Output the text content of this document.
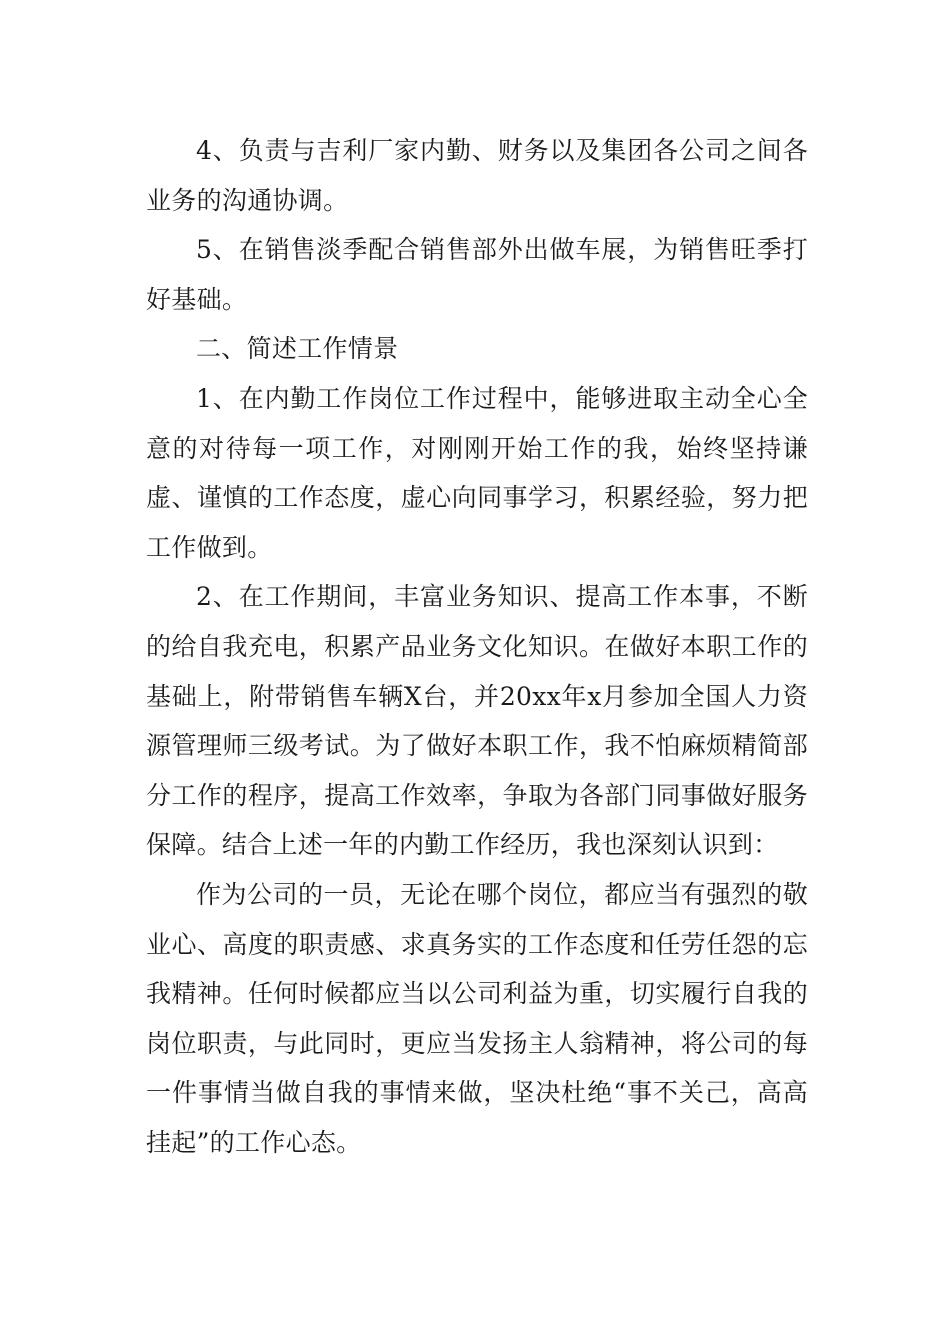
4、负责与吉利厂家内勤、财务以及集团各公司之间各业务的沟通协调。

5、在销售淡季配合销售部外出做车展，为销售旺季打好基础。

二、简述工作情景

1、在内勤工作岗位工作过程中，能够进取主动全心全意的对待每一项工作，对刚刚开始工作的我，始终坚持谦虚、谨慎的工作态度，虚心向同事学习，积累经验，努力把工作做到。

2、在工作期间，丰富业务知识、提高工作本事，不断的给自我充电，积累产品业务文化知识。在做好本职工作的基础上，附带销售车辆X台，并20xx年x月参加全国人力资源管理师三级考试。为了做好本职工作，我不怕麻烦精简部分工作的程序，提高工作效率，争取为各部门同事做好服务保障。结合上述一年的内勤工作经历，我也深刻认识到：

作为公司的一员，无论在哪个岗位，都应当有强烈的敬业心、高度的职责感、求真务实的工作态度和任劳任怨的忘我精神。任何时候都应当以公司利益为重，切实履行自我的岗位职责，与此同时，更应当发扬主人翁精神，将公司的每一件事情当做自我的事情来做，坚决杜绝“事不关己，高高挂起”的工作心态。
